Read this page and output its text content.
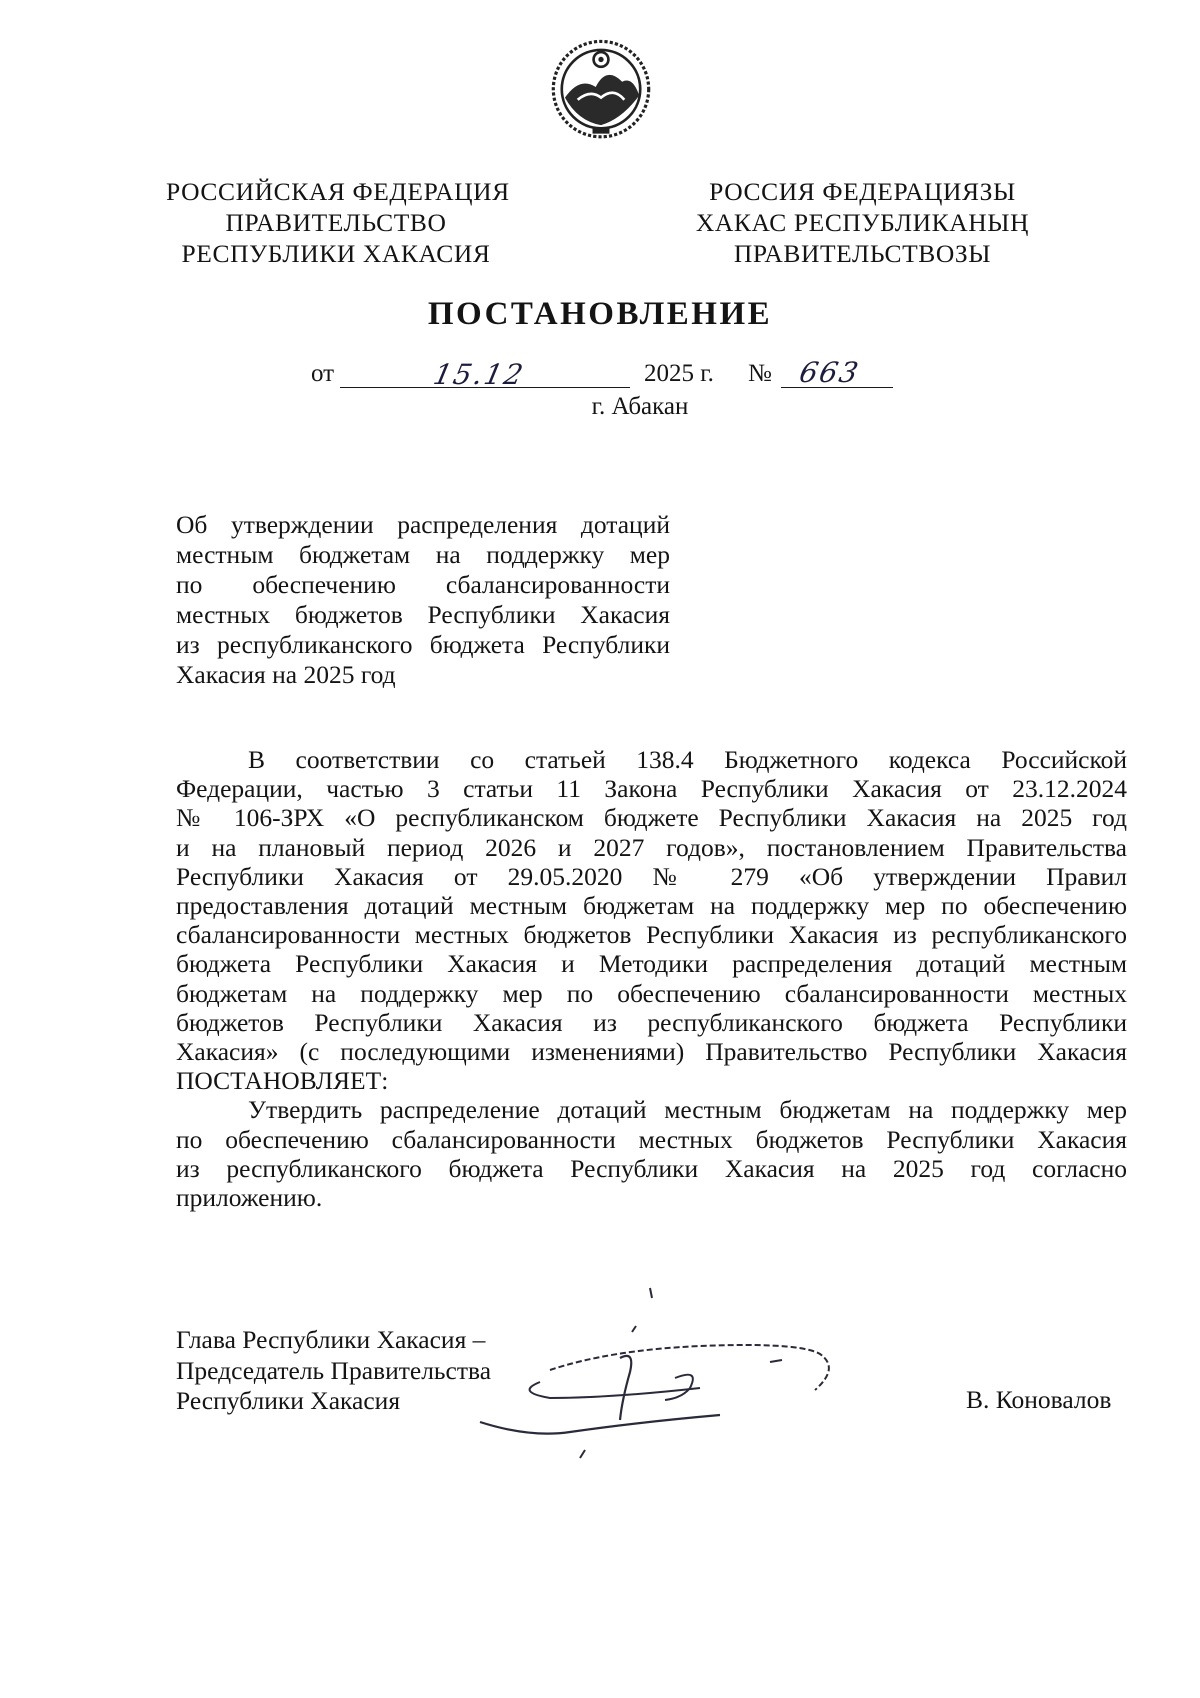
РОССИЙСКАЯ ФЕДЕРАЦИЯ
ПРАВИТЕЛЬСТВО
РЕСПУБЛИКИ ХАКАСИЯ
РОССИЯ ФЕДЕРАЦИЯЗЫ
ХАКАС РЕСПУБЛИКАНЫҢ
ПРАВИТЕЛЬСТВОЗЫ
ПОСТАНОВЛЕНИЕ
от	15.12	2025 г. № 663
г. Абакан
Об утверждении распределения дотаций
местным бюджетам на поддержку мер
по обеспечению сбалансированности
местных бюджетов Республики Хакасия
из республиканского бюджета Республики
Хакасия на 2025 год
В соответствии со статьей 138.4 Бюджетного кодекса Российской
Федерации, частью 3 статьи 11 Закона Республики Хакасия от 23.12.2024
№ 106-ЗРХ «О республиканском бюджете Республики Хакасия на 2025 год
и на плановый период 2026 и 2027 годов», постановлением Правительства
Республики Хакасия от 29.05.2020 № 279 «Об утверждении Правил
предоставления дотаций местным бюджетам на поддержку мер по обеспечению
сбалансированности местных бюджетов Республики Хакасия из республиканского
бюджета Республики Хакасия и Методики распределения дотаций местным
бюджетам на поддержку мер по обеспечению сбалансированности местных
бюджетов Республики Хакасия из республиканского бюджета Республики
Хакасия» (с последующими изменениями) Правительство Республики Хакасия
ПОСТАНОВЛЯЕТ:
Утвердить распределение дотаций местным бюджетам на поддержку мер
по обеспечению сбалансированности местных бюджетов Республики Хакасия
из республиканского бюджета Республики Хакасия на 2025 год согласно
приложению.
Глава Республики Хакасия –
Председатель Правительства
Республики Хакасия	В. Коновалов
